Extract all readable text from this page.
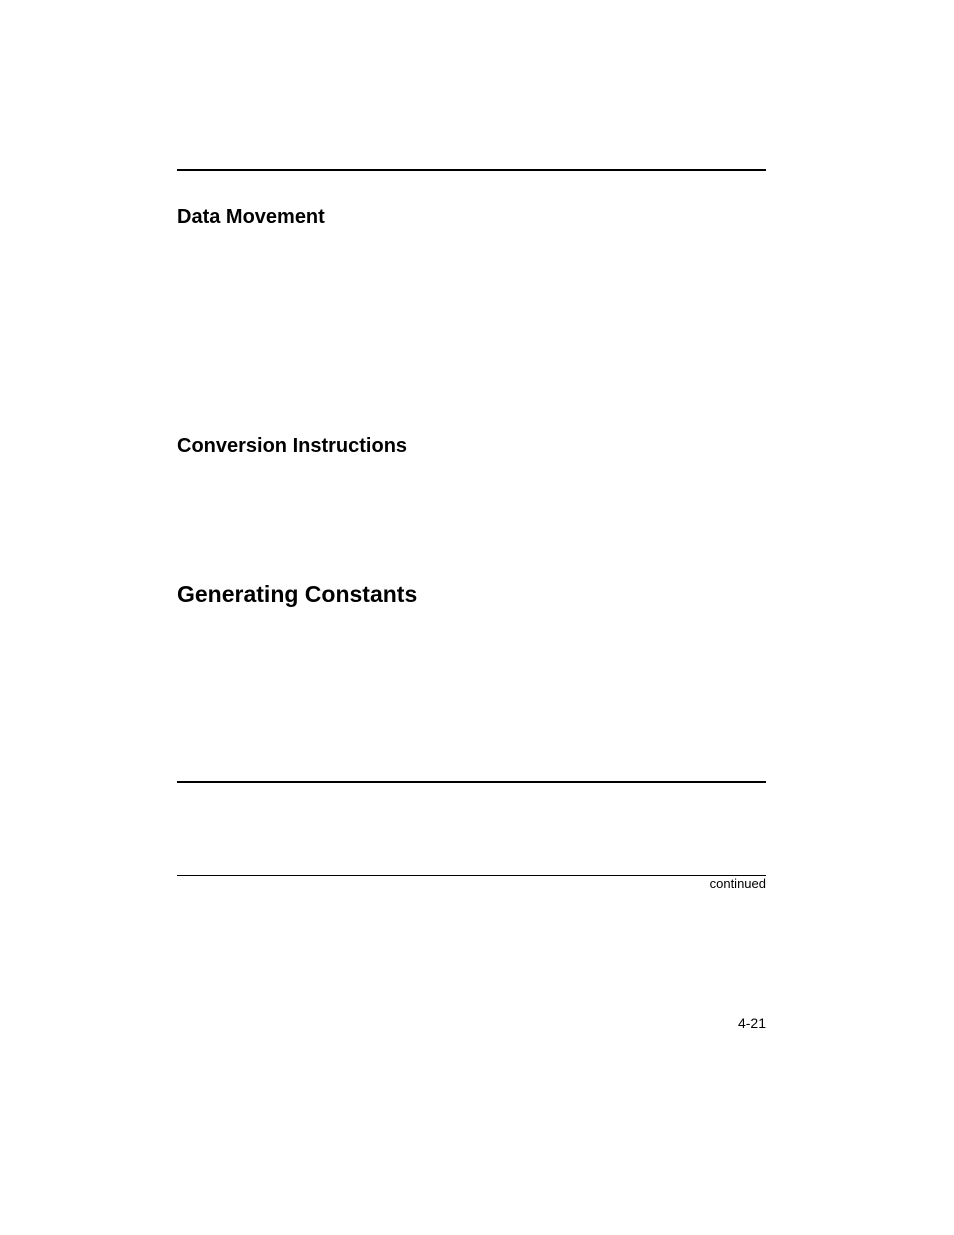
Data Movement
Conversion Instructions
Generating Constants
continued
4-21
